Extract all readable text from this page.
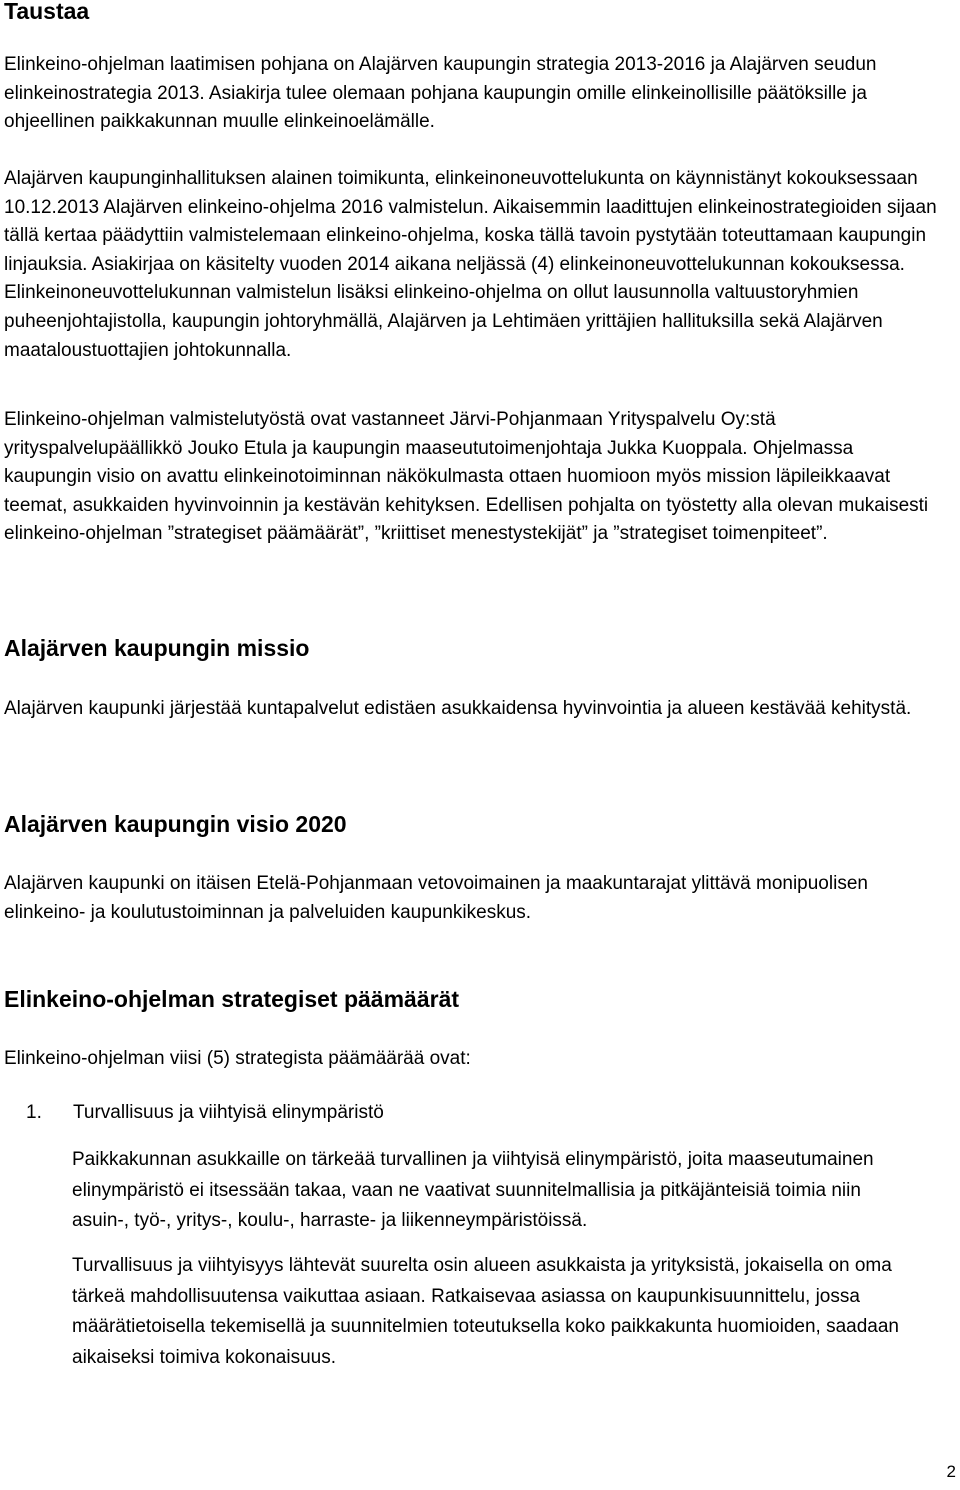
Taustaa

Elinkeino-ohjelman laatimisen pohjana on Alajärven kaupungin strategia 2013-2016 ja Alajärven seudun elinkeinostrategia 2013. Asiakirja tulee olemaan pohjana kaupungin omille elinkeinollisille päätöksille ja ohjeellinen paikkakunnan muulle elinkeinoelämälle.

Alajärven kaupunginhallituksen alainen toimikunta, elinkeinoneuvottelukunta on käynnistänyt kokouksessaan 10.12.2013 Alajärven elinkeino-ohjelma 2016 valmistelun. Aikaisemmin laadittujen elinkeinostrategioiden sijaan tällä kertaa päädyttiin valmistelemaan elinkeino-ohjelma, koska tällä tavoin pystytään toteuttamaan kaupungin linjauksia. Asiakirjaa on käsitelty vuoden 2014 aikana neljässä (4) elinkeinoneuvottelukunnan kokouksessa. Elinkeinoneuvottelukunnan valmistelun lisäksi elinkeino-ohjelma on ollut lausunnolla valtuustoryhmien puheenjohtajistolla, kaupungin johtoryhmällä, Alajärven ja Lehtimäen yrittäjien hallituksilla sekä Alajärven maataloustuottajien johtokunnalla.

Elinkeino-ohjelman valmistelutyöstä ovat vastanneet Järvi-Pohjanmaan Yrityspalvelu Oy:stä yrityspalvelupäällikkö Jouko Etula ja kaupungin maaseututoimenjohtaja Jukka Kuoppala. Ohjelmassa kaupungin visio on avattu elinkeinotoiminnan näkökulmasta ottaen huomioon myös mission läpileikkaavat teemat, asukkaiden hyvinvoinnin ja kestävän kehityksen. Edellisen pohjalta on työstetty alla olevan mukaisesti elinkeino-ohjelman ”strategiset päämäärät”, ”kriittiset menestystekijät” ja ”strategiset toimenpiteet”.

Alajärven kaupungin missio

Alajärven kaupunki järjestää kuntapalvelut edistäen asukkaidensa hyvinvointia ja alueen kestävää kehitystä.

Alajärven kaupungin visio 2020

Alajärven kaupunki on itäisen Etelä-Pohjanmaan vetovoimainen ja maakuntarajat ylittävä monipuolisen elinkeino- ja koulutustoiminnan ja palveluiden kaupunkikeskus.

Elinkeino-ohjelman strategiset päämäärät

Elinkeino-ohjelman viisi (5) strategista päämäärää ovat:

1. Turvallisuus ja viihtyisä elinympäristö

Paikkakunnan asukkaille on tärkeää turvallinen ja viihtyisä elinympäristö, joita maaseutumainen elinympäristö ei itsessään takaa, vaan ne vaativat suunnitelmallisia ja pitkäjänteisiä toimia niin asuin-, työ-, yritys-, koulu-, harraste- ja liikenneympäristöissä.

Turvallisuus ja viihtyisyys lähtevät suurelta osin alueen asukkaista ja yrityksistä, jokaisella on oma tärkeä mahdollisuutensa vaikuttaa asiaan. Ratkaisevaa asiassa on kaupunkisuunnittelu, jossa määrätietoisella tekemisellä ja suunnitelmien toteutuksella koko paikkakunta huomioiden, saadaan aikaiseksi toimiva kokonaisuus.

2
